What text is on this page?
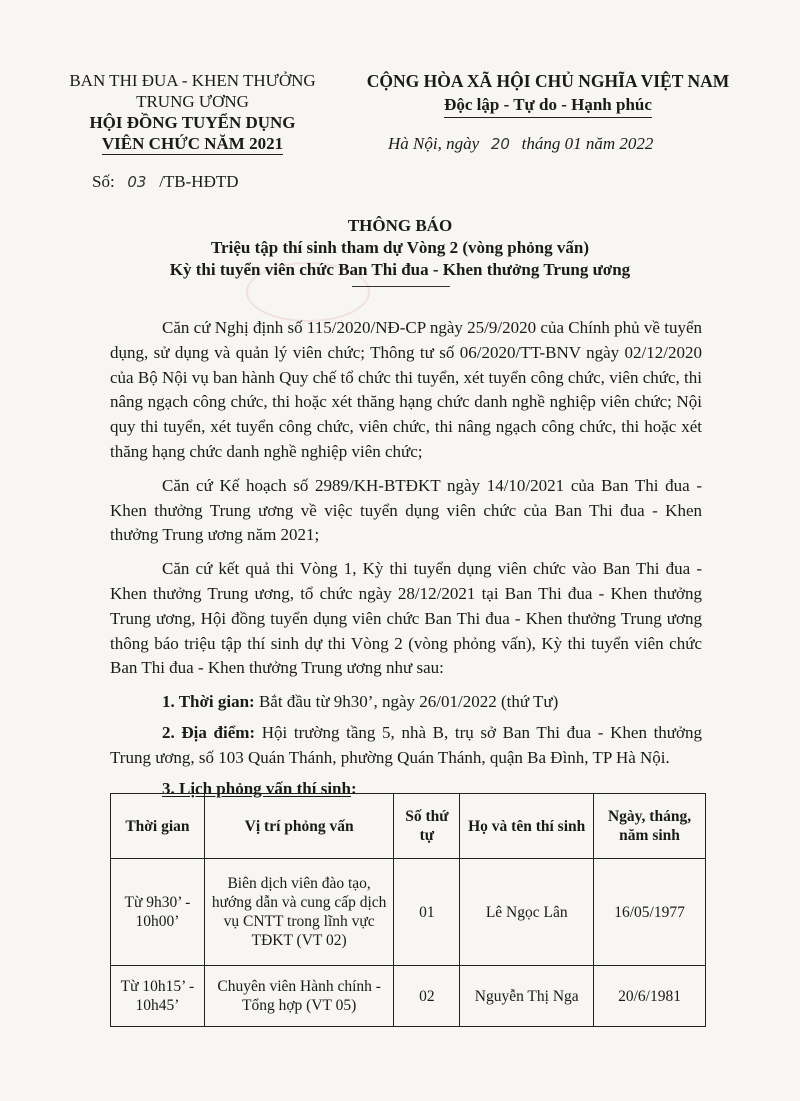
BAN THI ĐUA - KHEN THƯỞNG
TRUNG ƯƠNG
HỘI ĐỒNG TUYỂN DỤNG
VIÊN CHỨC NĂM 2021
CỘNG HÒA XÃ HỘI CHỦ NGHĨA VIỆT NAM
Độc lập - Tự do - Hạnh phúc
Hà Nội, ngày 20 tháng 01 năm 2022
Số: 03 /TB-HĐTD
THÔNG BÁO
Triệu tập thí sinh tham dự Vòng 2 (vòng phỏng vấn)
Kỳ thi tuyển viên chức Ban Thi đua - Khen thưởng Trung ương

Căn cứ Nghị định số 115/2020/NĐ-CP ngày 25/9/2020 của Chính phủ về tuyển dụng, sử dụng và quản lý viên chức; Thông tư số 06/2020/TT-BNV ngày 02/12/2020 của Bộ Nội vụ ban hành Quy chế tổ chức thi tuyển, xét tuyển công chức, viên chức, thi nâng ngạch công chức, thi hoặc xét thăng hạng chức danh nghề nghiệp viên chức; Nội quy thi tuyển, xét tuyển công chức, viên chức, thi nâng ngạch công chức, thi hoặc xét thăng hạng chức danh nghề nghiệp viên chức;

Căn cứ Kế hoạch số 2989/KH-BTĐKT ngày 14/10/2021 của Ban Thi đua - Khen thưởng Trung ương về việc tuyển dụng viên chức của Ban Thi đua - Khen thưởng Trung ương năm 2021;

Căn cứ kết quả thi Vòng 1, Kỳ thi tuyển dụng viên chức vào Ban Thi đua - Khen thưởng Trung ương, tổ chức ngày 28/12/2021 tại Ban Thi đua - Khen thưởng Trung ương, Hội đồng tuyển dụng viên chức Ban Thi đua - Khen thưởng Trung ương thông báo triệu tập thí sinh dự thi Vòng 2 (vòng phỏng vấn), Kỳ thi tuyển viên chức Ban Thi đua - Khen thưởng Trung ương như sau:

1. Thời gian: Bắt đầu từ 9h30’, ngày 26/01/2022 (thứ Tư)

2. Địa điểm: Hội trường tầng 5, nhà B, trụ sở Ban Thi đua - Khen thưởng Trung ương, số 103 Quán Thánh, phường Quán Thánh, quận Ba Đình, TP Hà Nội.

3. Lịch phỏng vấn thí sinh:

Thời gian	Vị trí phỏng vấn	Số thứ tự	Họ và tên thí sinh	Ngày, tháng, năm sinh
Từ 9h30’ - 10h00’	Biên dịch viên đào tạo, hướng dẫn và cung cấp dịch vụ CNTT trong lĩnh vực TĐKT (VT 02)	01	Lê Ngọc Lân	16/05/1977
Từ 10h15’ - 10h45’	Chuyên viên Hành chính - Tổng hợp (VT 05)	02	Nguyễn Thị Nga	20/6/1981
